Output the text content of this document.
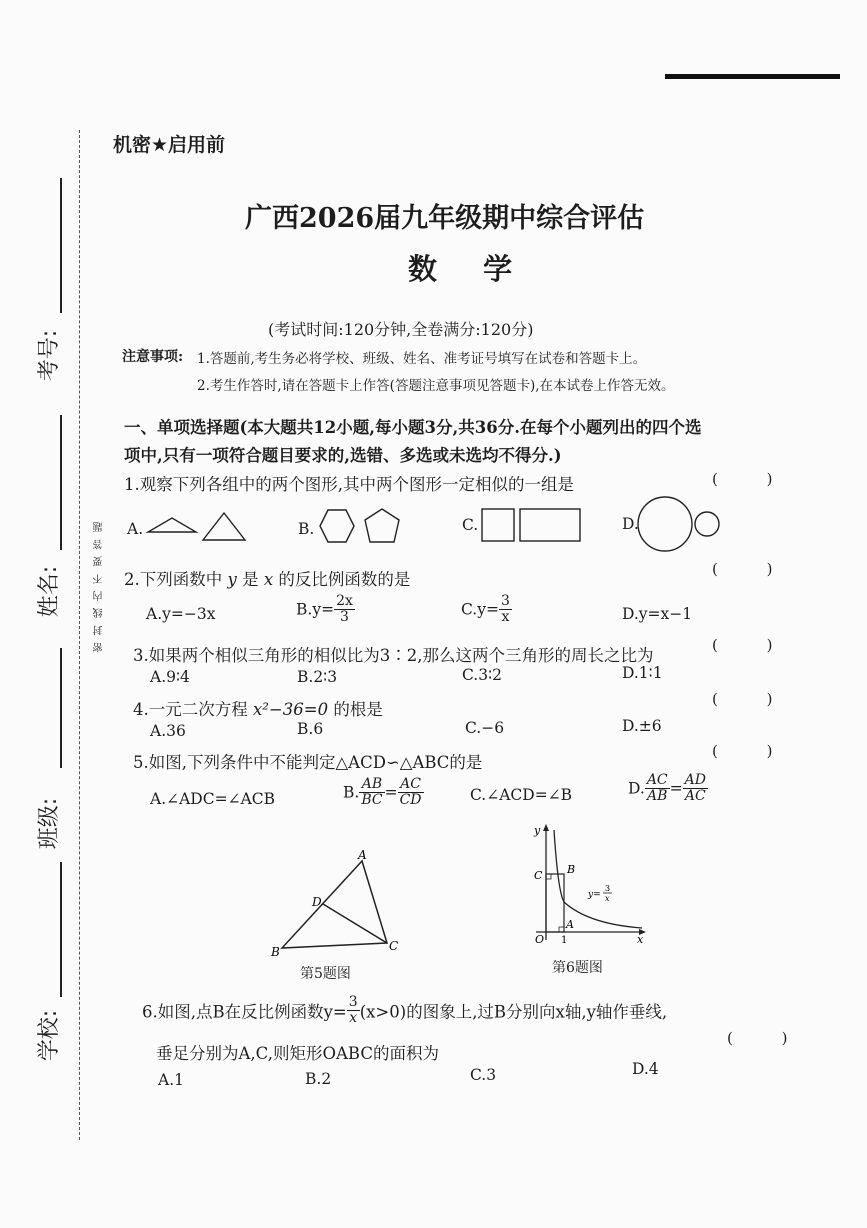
考号:
姓名:
班级:
学校:
密 封 线 内 不 要 答 题
机密★启用前
广西2026届九年级期中综合评估
数 学
(考试时间:120分钟,全卷满分:120分)
注意事项: 1.答题前,考生务必将学校、班级、姓名、准考证号填写在试卷和答题卡上。
2.考生作答时,请在答题卡上作答(答题注意事项见答题卡),在本试卷上作答无效。
一、单项选择题(本大题共12小题,每小题3分,共36分.在每个小题列出的四个选
项中,只有一项符合题目要求的,选错、多选或未选均不得分.)
1.观察下列各组中的两个图形,其中两个图形一定相似的一组是	( )
A.	B.	C.	D.
2.下列函数中 y 是 x 的反比例函数的是
( )
A.y=−3x	$B.y= \frac{2x}{3}$	$C.y= \frac{3}{x}$	D.y=x−1
3.如果两个相似三角形的相似比为3∶2,那么这两个三角形的周长之比为
( )
A.9∶4	B.2∶3	C.3∶2	D.1∶1
4.一元二次方程 x²−36=0 的根是
( )
A.36	B.6	C.−6	D.±6
5.如图,下列条件中不能判定△ACD∽△ABC的是
( )
A.∠ADC=∠ACB	B. $\frac{AB}{BC} = \frac{AC}{CD}$	C.∠ACD=∠B	D. $\frac{AC}{AB} = \frac{AD}{AC}$
A
D
B	C
第5题图
y
C B
A
O 1	x
y=
3
x
第6题图
6.如图,点B在反比例函数$y= \frac{3}{x} (x>0)$的图象上,过B分别向x轴,y轴作垂线,
( )
垂足分别为A,C,则矩形OABC的面积为
A.1	B.2	C.3	D.4
